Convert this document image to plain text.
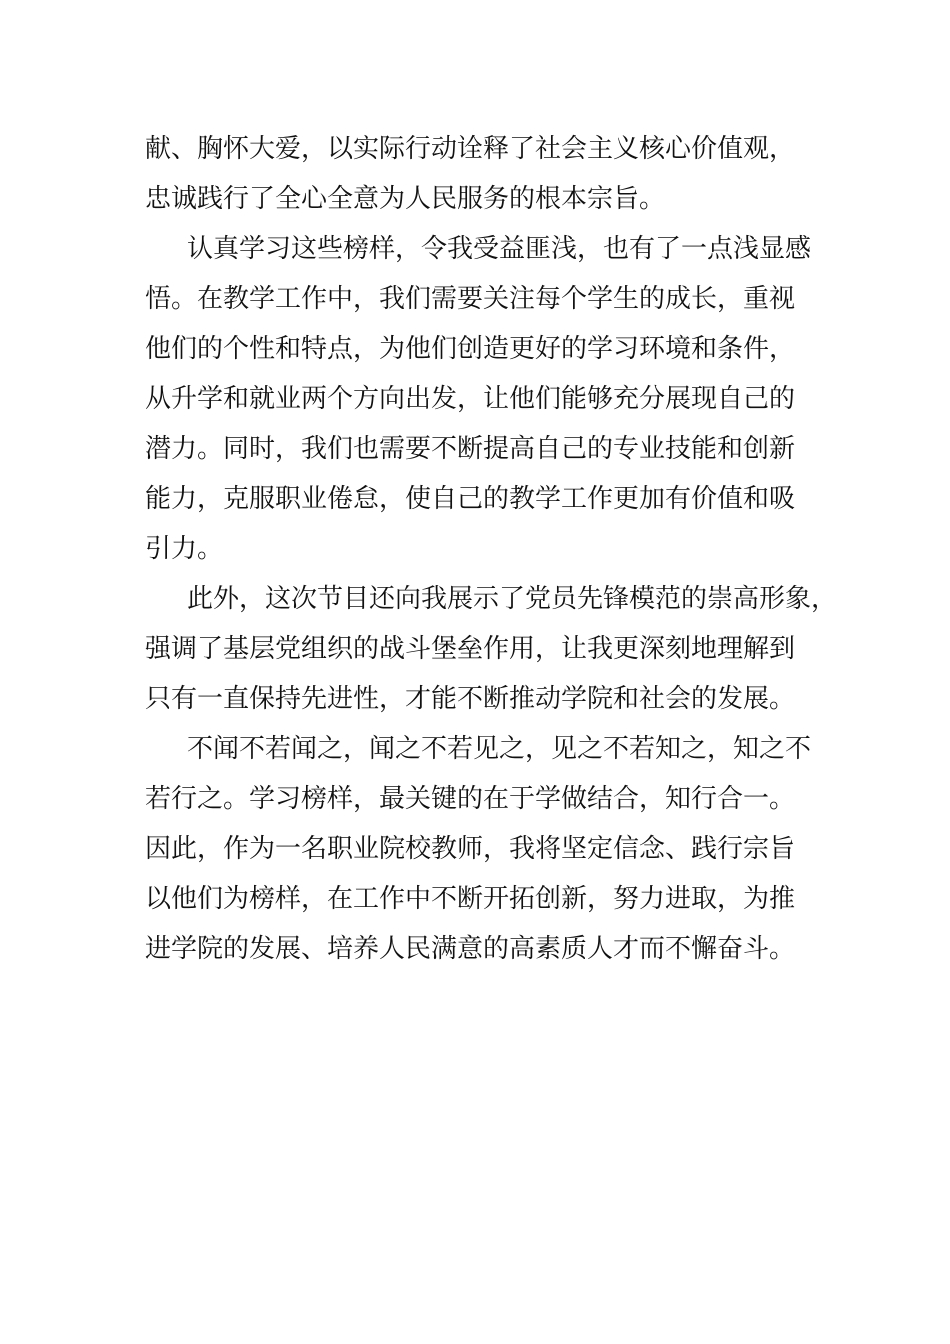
献、胸怀大爱，以实际行动诠释了社会主义核心价值观，
忠诚践行了全心全意为人民服务的根本宗旨。
认真学习这些榜样，令我受益匪浅，也有了一点浅显感
悟。在教学工作中，我们需要关注每个学生的成长，重视
他们的个性和特点，为他们创造更好的学习环境和条件，
从升学和就业两个方向出发，让他们能够充分展现自己的
潜力。同时，我们也需要不断提高自己的专业技能和创新
能力，克服职业倦怠，使自己的教学工作更加有价值和吸
引力。
此外，这次节目还向我展示了党员先锋模范的崇高形象，
强调了基层党组织的战斗堡垒作用，让我更深刻地理解到
只有一直保持先进性，才能不断推动学院和社会的发展。
不闻不若闻之，闻之不若见之，见之不若知之，知之不
若行之。学习榜样，最关键的在于学做结合，知行合一。
因此，作为一名职业院校教师，我将坚定信念、践行宗旨
以他们为榜样，在工作中不断开拓创新，努力进取，为推
进学院的发展、培养人民满意的高素质人才而不懈奋斗。
